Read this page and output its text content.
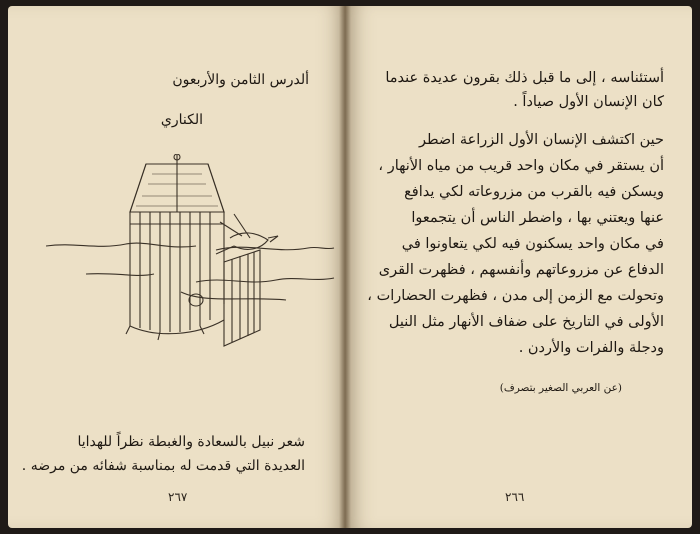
ألدرس الثامن والأربعون
الكناري
شعر نبيل بالسعادة والغبطة نظراً للهدايا
العديدة التي قدمت له بمناسبة شفائه من مرضه .
٢٦٧
أستئناسه ، إلى ما قبل ذلك بقرون عديدة عندما
كان الإنسان الأول صياداً .
حين اكتشف الإنسان الأول الزراعة اضطر
أن يستقر في مكان واحد قريب من مياه الأنهار ،
ويسكن فيه بالقرب من مزروعاته لكي يدافع
عنها ويعتني بها ، واضطر الناس أن يتجمعوا
في مكان واحد يسكنون فيه لكي يتعاونوا في
الدفاع عن مزروعاتهم وأنفسهم ، فظهرت القرى
وتحولت مع الزمن إلى مدن ، فظهرت الحضارات ،
الأولى في التاريخ على ضفاف الأنهار مثل النيل
ودجلة والفرات والأردن .
(عن العربي الصغير بتصرف)
٢٦٦
